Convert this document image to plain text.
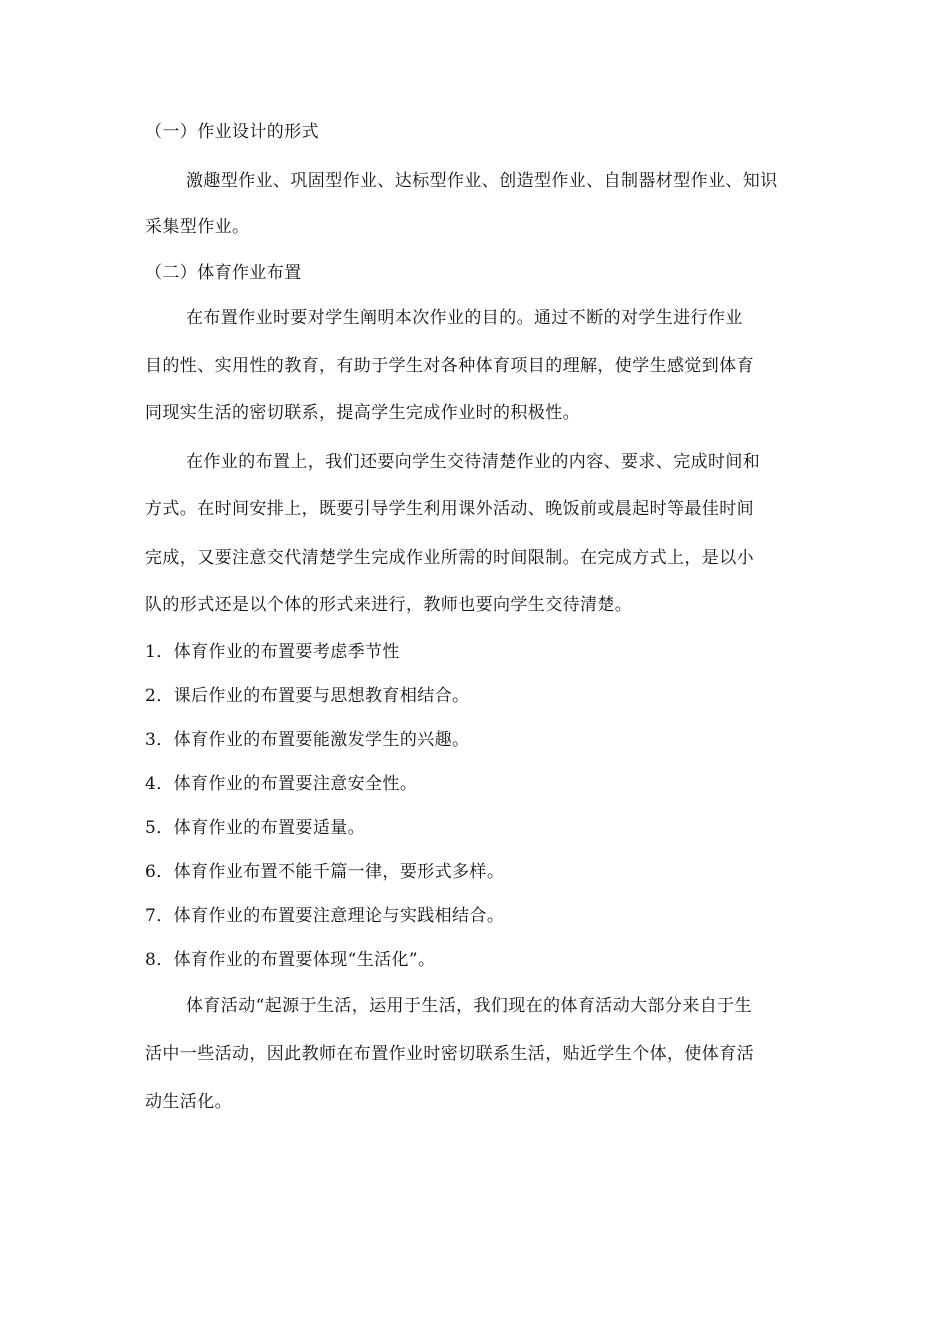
（一）作业设计的形式
激趣型作业、巩固型作业、达标型作业、创造型作业、自制器材型作业、知识
采集型作业。
（二）体育作业布置
在布置作业时要对学生阐明本次作业的目的。通过不断的对学生进行作业
目的性、实用性的教育，有助于学生对各种体育项目的理解，使学生感觉到体育
同现实生活的密切联系，提高学生完成作业时的积极性。
在作业的布置上，我们还要向学生交待清楚作业的内容、要求、完成时间和
方式。在时间安排上，既要引导学生利用课外活动、晚饭前或晨起时等最佳时间
完成，又要注意交代清楚学生完成作业所需的时间限制。在完成方式上，是以小
队的形式还是以个体的形式来进行，教师也要向学生交待清楚。
1．体育作业的布置要考虑季节性
2．课后作业的布置要与思想教育相结合。
3．体育作业的布置要能激发学生的兴趣。
4．体育作业的布置要注意安全性。
5．体育作业的布置要适量。
6．体育作业布置不能千篇一律，要形式多样。
7．体育作业的布置要注意理论与实践相结合。
8．体育作业的布置要体现“生活化”。
体育活动“起源于生活，运用于生活，我们现在的体育活动大部分来自于生
活中一些活动，因此教师在布置作业时密切联系生活，贴近学生个体，使体育活
动生活化。
